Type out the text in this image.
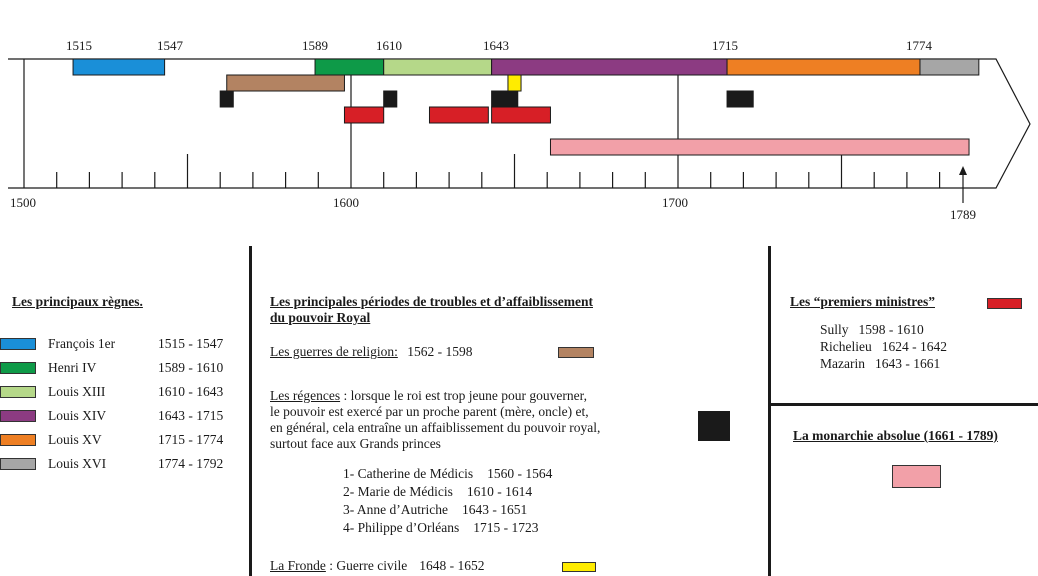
1500	1600	1700
1515	1547	1589	1610	1643	1715	1774
1789
Les principaux règnes.
François 1er	1515 - 1547
Henri IV	1589 - 1610
Louis XIII	1610 - 1643
Louis XIV	1643 - 1715
Louis XV	1715 - 1774
Louis XVI	1774 - 1792
Les principales périodes de troubles et d’affaiblissement
du pouvoir Royal
Les guerres de religion: 1562 - 1598
Les régences : lorsque le roi est trop jeune pour gouverner,
le pouvoir est exercé par un proche parent (mère, oncle) et,
en général, cela entraîne un affaiblissement du pouvoir royal,
surtout face aux Grands princes
1- Catherine de Médicis 1560 - 1564
2- Marie de Médicis 1610 - 1614
3- Anne d’Autriche 1643 - 1651
4- Philippe d’Orléans 1715 - 1723
La Fronde : Guerre civile 1648 - 1652
Les “premiers ministres”
Sully 1598 - 1610
Richelieu 1624 - 1642
Mazarin 1643 - 1661
La monarchie absolue (1661 - 1789)
